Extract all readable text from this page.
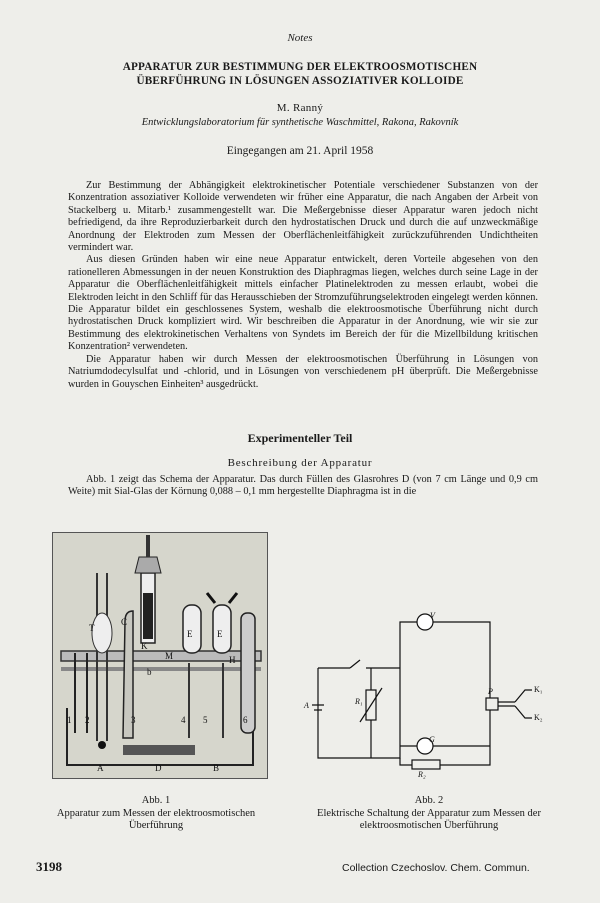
Notes
APPARATUR ZUR BESTIMMUNG DER ELEKTROOSMOTISCHEN
ÜBERFÜHRUNG IN LÖSUNGEN ASSOZIATIVER KOLLOIDE
M. Ranný
Entwicklungslaboratorium für synthetische Waschmittel, Rakona, Rakovník
Eingegangen am 21. April 1958

Zur Bestimmung der Abhängigkeit elektrokinetischer Potentiale verschiedener Substanzen von der Konzentration assoziativer Kolloide verwendeten wir früher eine Apparatur, die nach Angaben der Arbeit von Stackelberg u. Mitarb.¹ zusammengestellt war. Die Meßergebnisse dieser Apparatur waren jedoch nicht befriedigend, da ihre Reproduzierbarkeit durch den hydrostatischen Druck und durch die auf unzweckmäßige Anordnung der Elektroden zum Messen der Oberflächenleitfähigkeit zurückzuführenden Undichtheiten vermindert war.

Aus diesen Gründen haben wir eine neue Apparatur entwickelt, deren Vorteile abgesehen von den rationelleren Abmessungen in der neuen Konstruktion des Diaphragmas liegen, welches durch seine Lage in der Apparatur die Oberflächenleitfähigkeit mittels einfacher Platinelektroden zu messen erlaubt, wobei die Elektroden leicht in den Schliff für das Herausschieben der Stromzuführungselektroden eingelegt werden können. Die Apparatur bildet ein geschlossenes System, weshalb die elektroosmotische Überführung nicht durch hydrostatischen Druck kompliziert wird. Wir beschreiben die Apparatur in der Anordnung, wie wir sie zur Bestimmung des elektrokinetischen Verhaltens von Syndets im Bereich der für die Mizellbildung kritischen Konzentration² verwendeten.

Die Apparatur haben wir durch Messen der elektroosmotischen Überführung in Lösungen von Natriumdodecylsulfat und -chlorid, und in Lösungen von verschiedenem pH überprüft. Die Meßergebnisse wurden in Gouyschen Einheiten³ ausgedrückt.

Experimenteller Teil
Beschreibung der Apparatur

Abb. 1 zeigt das Schema der Apparatur. Das durch Füllen des Glasrohres D (von 7 cm Länge und 0,9 cm Weite) mit Sial-Glas der Körnung 0,088 – 0,1 mm hergestellte Diaphragma ist in die

T
C
K
M
E	E
H
b
1 2	3	4 5	6
A	D	B
V
A	R₁
G
R₂
P	K₁
K₂
Abb. 1
Apparatur zum Messen der elektroosmotischen Überführung
Abb. 2
Elektrische Schaltung der Apparatur zum Messen der elektroosmotischen Überführung
3198	Collection Czechoslov. Chem. Commun.
